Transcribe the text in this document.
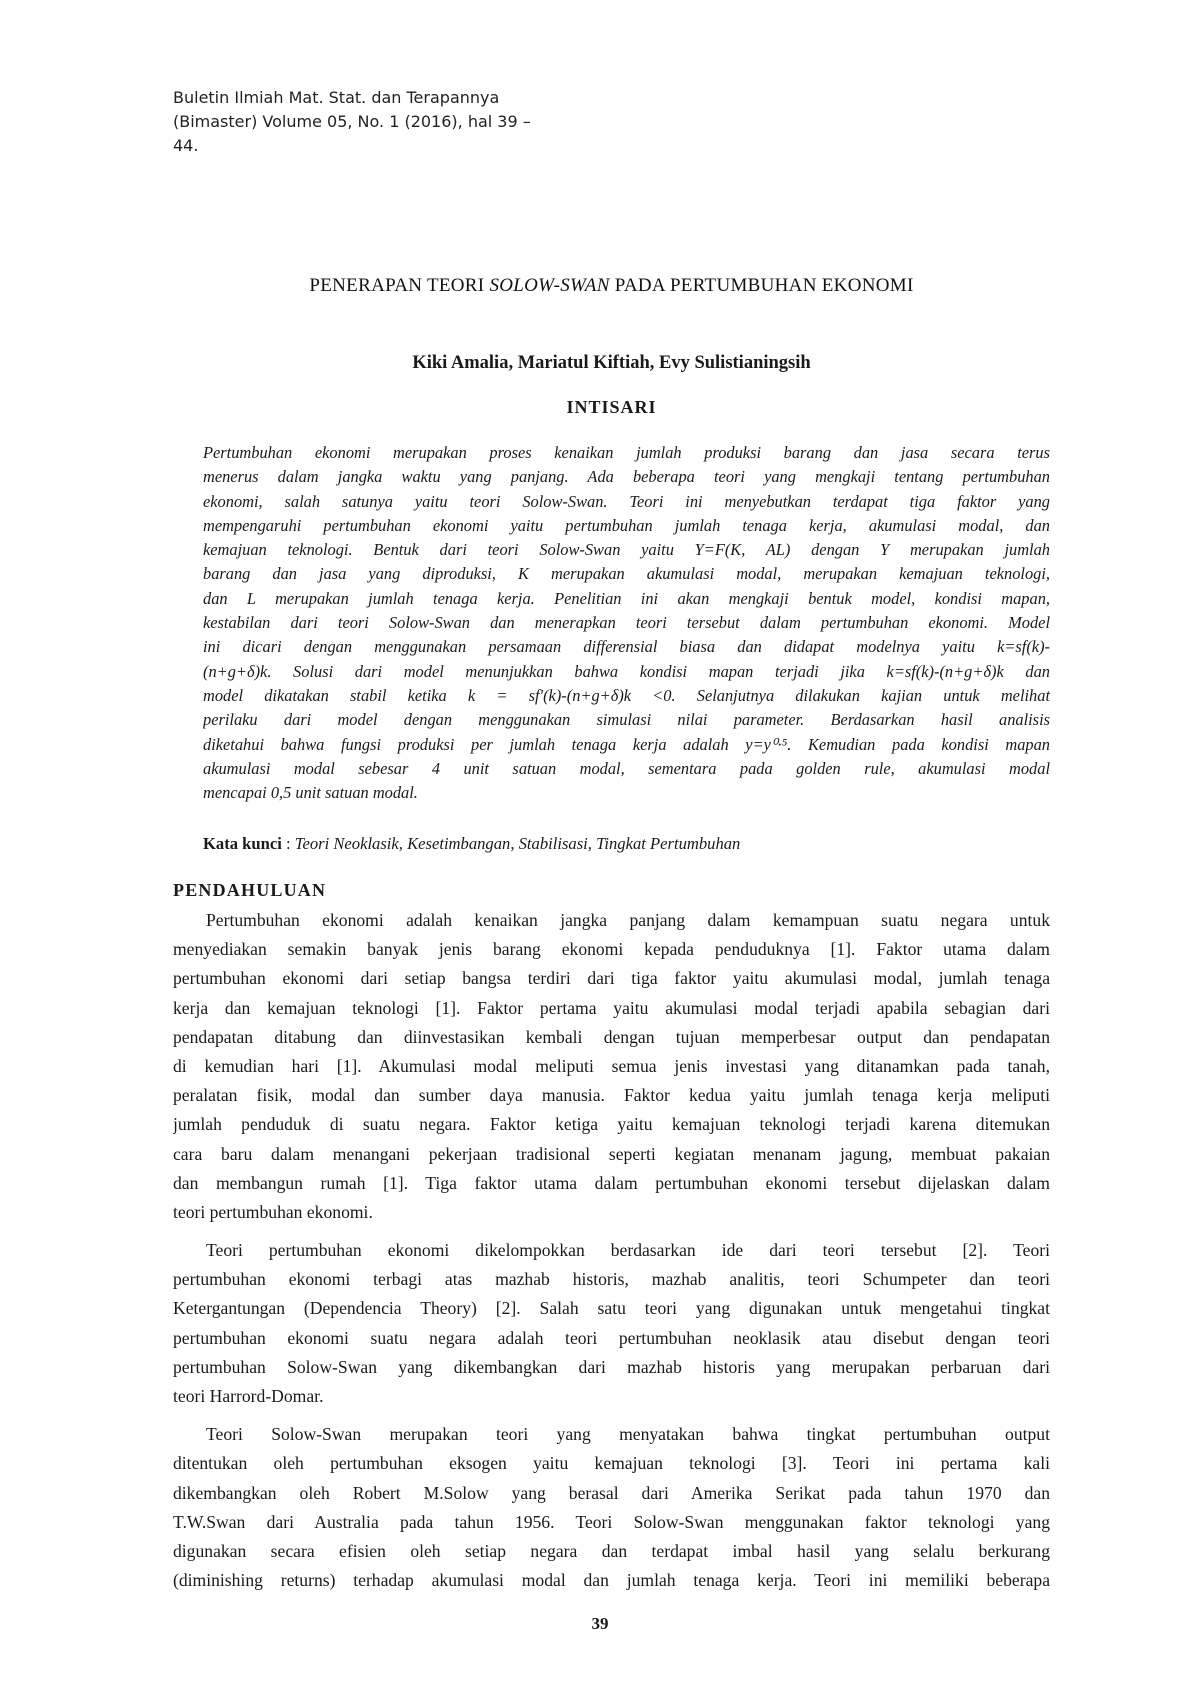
Buletin Ilmiah Mat. Stat. dan Terapannya
(Bimaster) Volume 05, No. 1 (2016), hal 39 –
44.
PENERAPAN TEORI SOLOW-SWAN PADA PERTUMBUHAN EKONOMI
Kiki Amalia, Mariatul Kiftiah, Evy Sulistianingsih
INTISARI
Pertumbuhan ekonomi merupakan proses kenaikan jumlah produksi barang dan jasa secara terus
menerus dalam jangka waktu yang panjang. Ada beberapa teori yang mengkaji tentang pertumbuhan
ekonomi, salah satunya yaitu teori Solow-Swan. Teori ini menyebutkan terdapat tiga faktor yang
mempengaruhi pertumbuhan ekonomi yaitu pertumbuhan jumlah tenaga kerja, akumulasi modal, dan
kemajuan teknologi. Bentuk dari teori Solow-Swan yaitu Y=F(K, AL) dengan Y merupakan jumlah
barang dan jasa yang diproduksi, K merupakan akumulasi modal, merupakan kemajuan teknologi,
dan L merupakan jumlah tenaga kerja. Penelitian ini akan mengkaji bentuk model, kondisi mapan,
kestabilan dari teori Solow-Swan dan menerapkan teori tersebut dalam pertumbuhan ekonomi. Model
ini dicari dengan menggunakan persamaan differensial biasa dan didapat modelnya yaitu k=sf(k)-
(n+g+δ)k. Solusi dari model menunjukkan bahwa kondisi mapan terjadi jika k=sf(k)-(n+g+δ)k dan
model dikatakan stabil ketika k = sf′(k)-(n+g+δ)k <0. Selanjutnya dilakukan kajian untuk melihat
perilaku dari model dengan menggunakan simulasi nilai parameter. Berdasarkan hasil analisis
diketahui bahwa fungsi produksi per jumlah tenaga kerja adalah y=y⁰·⁵. Kemudian pada kondisi mapan
akumulasi modal sebesar 4 unit satuan modal, sementara pada golden rule, akumulasi modal
mencapai 0,5 unit satuan modal.
Kata kunci : Teori Neoklasik, Kesetimbangan, Stabilisasi, Tingkat Pertumbuhan
PENDAHULUAN
Pertumbuhan ekonomi adalah kenaikan jangka panjang dalam kemampuan suatu negara untuk
menyediakan semakin banyak jenis barang ekonomi kepada penduduknya [1]. Faktor utama dalam
pertumbuhan ekonomi dari setiap bangsa terdiri dari tiga faktor yaitu akumulasi modal, jumlah tenaga
kerja dan kemajuan teknologi [1]. Faktor pertama yaitu akumulasi modal terjadi apabila sebagian dari
pendapatan ditabung dan diinvestasikan kembali dengan tujuan memperbesar output dan pendapatan
di kemudian hari [1]. Akumulasi modal meliputi semua jenis investasi yang ditanamkan pada tanah,
peralatan fisik, modal dan sumber daya manusia. Faktor kedua yaitu jumlah tenaga kerja meliputi
jumlah penduduk di suatu negara. Faktor ketiga yaitu kemajuan teknologi terjadi karena ditemukan
cara baru dalam menangani pekerjaan tradisional seperti kegiatan menanam jagung, membuat pakaian
dan membangun rumah [1]. Tiga faktor utama dalam pertumbuhan ekonomi tersebut dijelaskan dalam
teori pertumbuhan ekonomi.
Teori pertumbuhan ekonomi dikelompokkan berdasarkan ide dari teori tersebut [2]. Teori
pertumbuhan ekonomi terbagi atas mazhab historis, mazhab analitis, teori Schumpeter dan teori
Ketergantungan (Dependencia Theory) [2]. Salah satu teori yang digunakan untuk mengetahui tingkat
pertumbuhan ekonomi suatu negara adalah teori pertumbuhan neoklasik atau disebut dengan teori
pertumbuhan Solow-Swan yang dikembangkan dari mazhab historis yang merupakan perbaruan dari
teori Harrord-Domar.
Teori Solow-Swan merupakan teori yang menyatakan bahwa tingkat pertumbuhan output
ditentukan oleh pertumbuhan eksogen yaitu kemajuan teknologi [3]. Teori ini pertama kali
dikembangkan oleh Robert M.Solow yang berasal dari Amerika Serikat pada tahun 1970 dan
T.W.Swan dari Australia pada tahun 1956. Teori Solow-Swan menggunakan faktor teknologi yang
digunakan secara efisien oleh setiap negara dan terdapat imbal hasil yang selalu berkurang
(diminishing returns) terhadap akumulasi modal dan jumlah tenaga kerja. Teori ini memiliki beberapa
39
